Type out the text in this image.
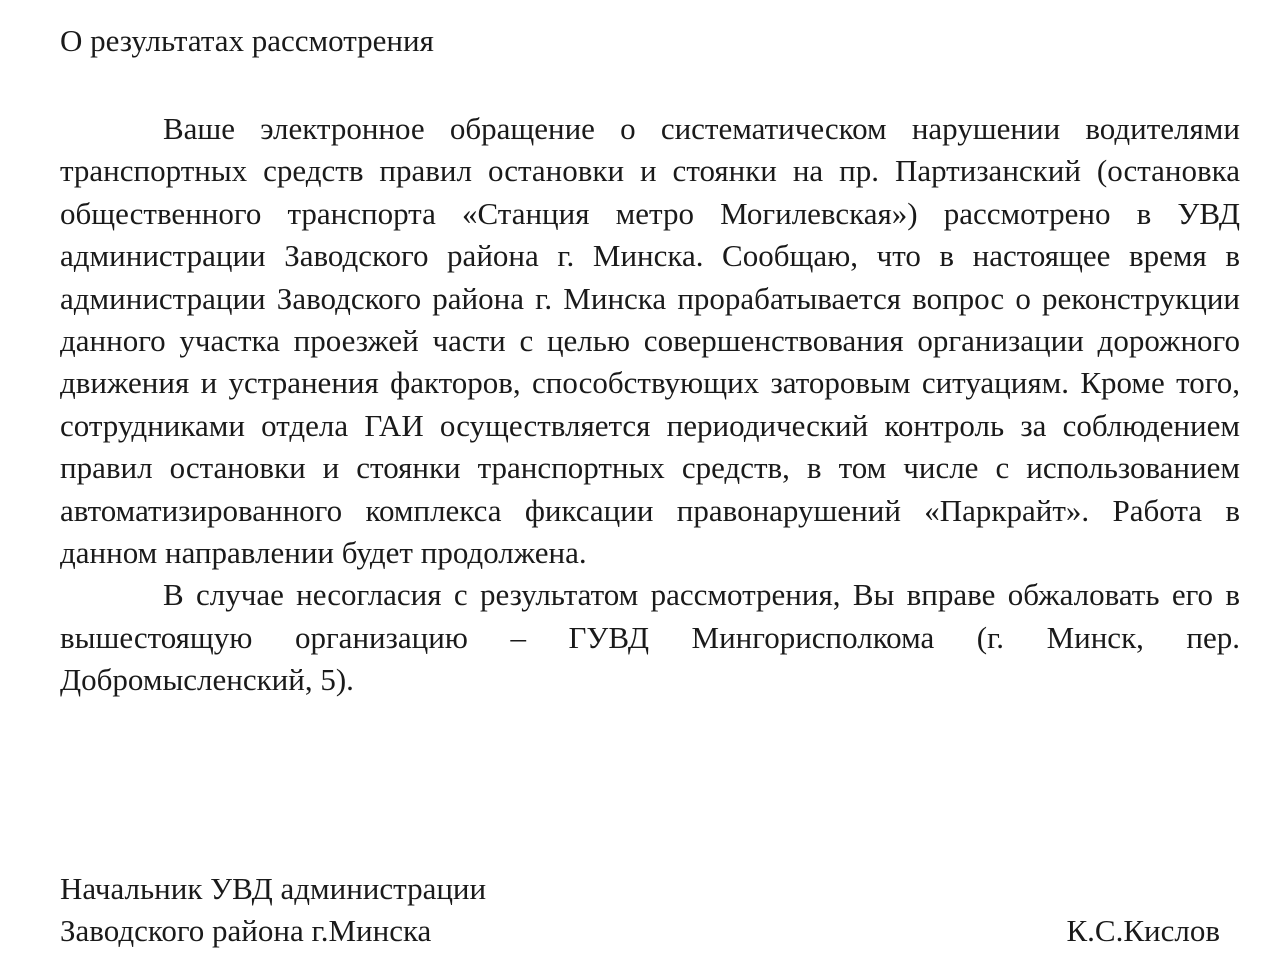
О результатах рассмотрения

Ваше электронное обращение о систематическом нарушении водителями транспортных средств правил остановки и стоянки на пр. Партизанский (остановка общественного транспорта «Станция метро Могилевская») рассмотрено в УВД администрации Заводского района г. Минска. Сообщаю, что в настоящее время в администрации Заводского района г. Минска прорабатывается вопрос о реконструкции данного участка проезжей части с целью совершенствования организации дорожного движения и устранения факторов, способствующих заторовым ситуациям. Кроме того, сотрудниками отдела ГАИ осуществляется периодический контроль за соблюдением правил остановки и стоянки транспортных средств, в том числе с использованием автоматизированного комплекса фиксации правонарушений «Паркрайт». Работа в данном направлении будет продолжена.

В случае несогласия с результатом рассмотрения, Вы вправе обжаловать его в вышестоящую организацию – ГУВД Мингорисполкома (г. Минск, пер. Добромысленский, 5).

Начальник УВД администрации
Заводского района г.Минска	К.С.Кислов
